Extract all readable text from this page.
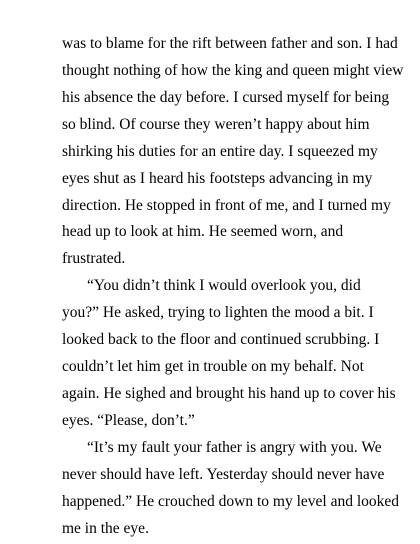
was to blame for the rift between father and son. I had
thought nothing of how the king and queen might view
his absence the day before. I cursed myself for being
so blind. Of course they weren’t happy about him
shirking his duties for an entire day. I squeezed my
eyes shut as I heard his footsteps advancing in my
direction. He stopped in front of me, and I turned my
head up to look at him. He seemed worn, and
frustrated.
“You didn’t think I would overlook you, did
you?” He asked, trying to lighten the mood a bit. I
looked back to the floor and continued scrubbing. I
couldn’t let him get in trouble on my behalf. Not
again. He sighed and brought his hand up to cover his
eyes. “Please, don’t.”
“It’s my fault your father is angry with you. We
never should have left. Yesterday should never have
happened.” He crouched down to my level and looked
me in the eye.
